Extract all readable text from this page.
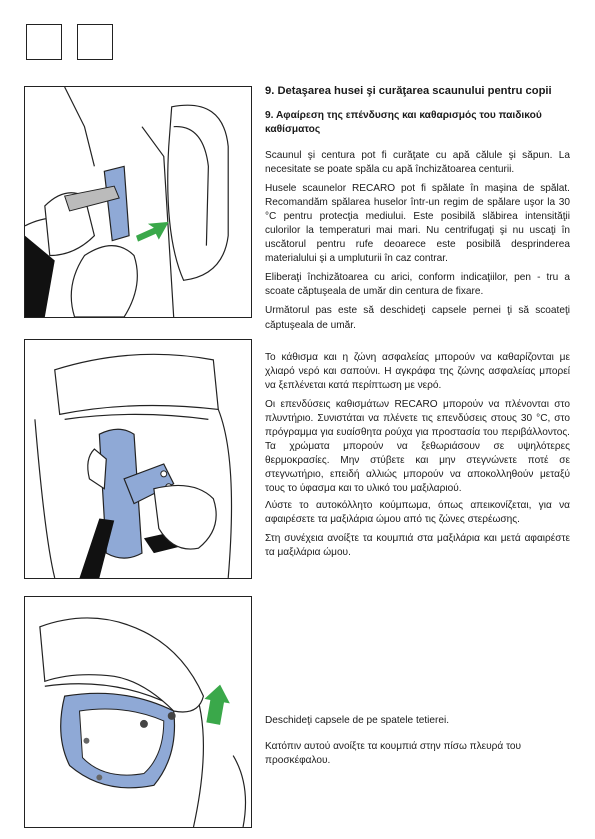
9. Detaşarea husei şi curăţarea scaunului pentru copii

9. Αφαίρεση της επένδυσης και καθαρισμός του παιδικού καθίσματος

Scaunul şi centura pot fi curăţate cu apă călule şi săpun. La necesitate se poate spăla cu apă închizătoarea centurii.

Husele scaunelor RECARO pot fi spălate în maşina de spălat. Recomandăm spălarea huselor într-un regim de spălare uşor la 30 °C pentru protecţia mediului. Este posibilă slăbirea intensităţii culorilor la temperaturi mai mari. Nu centrifugaţi şi nu uscaţi în uscătorul pentru rufe deoarece este posibilă desprinderea materialului şi a umpluturii în caz contrar.

Eliberaţi închizătoarea cu arici, conform indicaţiilor, pen - tru a scoate căptuşeala de umăr din centura de fixare.

Următorul pas este să deschideţi capsele pernei ţi să scoateţi căptuşeala de umăr.

Το κάθισμα και η ζώνη ασφαλείας μπορούν να καθαρίζονται με χλιαρό νερό και σαπούνι. Η αγκράφα της ζώνης ασφαλείας μπορεί να ξεπλένεται κατά περίπτωση με νερό.

Οι επενδύσεις καθισμάτων RECARO μπορούν να πλένονται στο πλυντήριο. Συνιστάται να πλένετε τις επενδύσεις στους 30 °C, στο πρόγραμμα για ευαίσθητα ρούχα για προστασία του περιβάλλοντος. Τα χρώματα μπορούν να ξεθωριάσουν σε υψηλότερες θερμοκρασίες. Μην στύβετε και μην στεγνώνετε ποτέ σε στεγνωτήριο, επειδή αλλιώς μπορούν να αποκολληθούν μεταξύ τους το ύφασμα και το υλικό του μαξιλαριού.

Λύστε το αυτοκόλλητο κούμπωμα, όπως απεικονίζεται, για να αφαιρέσετε τα μαξιλάρια ώμου από τις ζώνες στερέωσης.

Στη συνέχεια ανοίξτε τα κουμπιά στα μαξιλάρια και μετά αφαιρέστε τα μαξιλάρια ώμου.

Deschideţi capsele de pe spatele tetierei.

Κατόπιν αυτού ανοίξτε τα κουμπιά στην πίσω πλευρά του προσκέφαλου.
